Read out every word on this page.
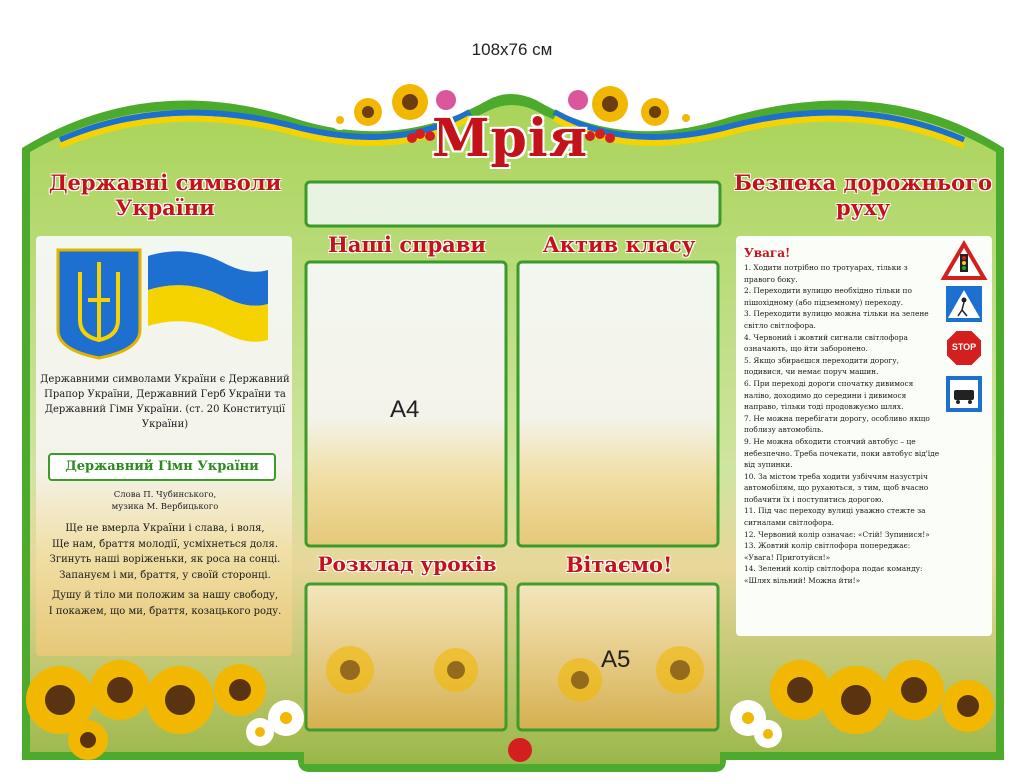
108x76 см
Мрія
Державні символи України
Безпека дорожнього руху
Наші справи	Актив класу
Розклад уроків	Вітаємо!
A4
A5
Державними символами України є Державний Прапор України, Державний Герб України та Державний Гімн України. (ст. 20 Конституції України)
Державний Гімн України
Слова П. Чубинського,
музика М. Вербицького

Ще не вмерла України і слава, і воля,
Ще нам, браття молодії, усміхнеться доля.
Згинуть наші воріженьки, як роса на сонці.
Запануєм і ми, браття, у своїй сторонці.

Душу й тіло ми положим за нашу свободу,
І покажем, що ми, браття, козацького роду.

Увага!
1. Ходити потрібно по тротуарах, тільки з правого боку.
2. Переходити вулицю необхідно тільки по пішохідному (або підземному) переходу.
3. Переходити вулицю можна тільки на зелене світло світлофора.
4. Червоний і жовтий сигнали світлофора означають, що йти заборонено.
5. Якщо збираєшся переходити дорогу, подивися, чи немає поруч машин.
6. При переході дороги спочатку дивимося наліво, доходимо до середини і дивимося направо, тільки тоді продовжуємо шлях.
7. Не можна перебігати дорогу, особливо якщо поблизу автомобіль.
9. Не можна обходити стоячий автобус – це небезпечно. Треба почекати, поки автобус від'їде від зупинки.
10. За містом треба ходити узбіччям назустріч автомобілям, що рухаються, з тим, щоб вчасно побачити їх і поступитись дорогою.
11. Під час переходу вулиці уважно стежте за сигналами світлофора.
12. Червоний колір означає: «Стій! Зупинися!»
13. Жовтий колір світлофора попереджає: «Увага! Приготуйся!»
14. Зелений колір світлофора подає команду: «Шлях вільний! Можна йти!»
STOP
